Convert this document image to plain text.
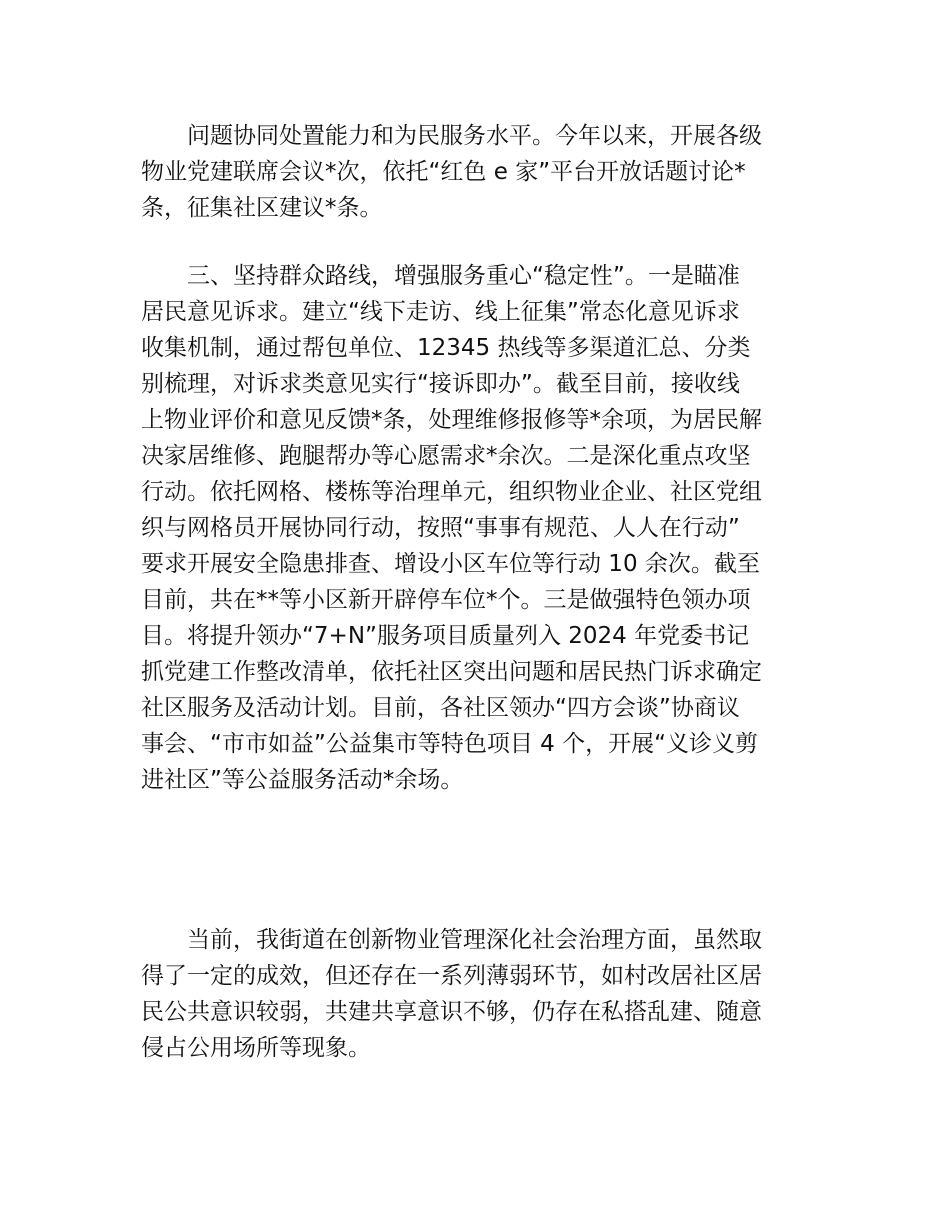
　　问题协同处置能力和为民服务水平。今年以来，开展各级
物业党建联席会议*次，依托“红色 e 家”平台开放话题讨论*
条，征集社区建议*条。
　　三、坚持群众路线，增强服务重心“稳定性”。一是瞄准
居民意见诉求。建立“线下走访、线上征集”常态化意见诉求
收集机制，通过帮包单位、12345 热线等多渠道汇总、分类
别梳理，对诉求类意见实行“接诉即办”。截至目前，接收线
上物业评价和意见反馈*条，处理维修报修等*余项，为居民解
决家居维修、跑腿帮办等心愿需求*余次。二是深化重点攻坚
行动。依托网格、楼栋等治理单元，组织物业企业、社区党组
织与网格员开展协同行动，按照“事事有规范、人人在行动”
要求开展安全隐患排查、增设小区车位等行动 10 余次。截至
目前，共在**等小区新开辟停车位*个。三是做强特色领办项
目。将提升领办“7+N”服务项目质量列入 2024 年党委书记
抓党建工作整改清单，依托社区突出问题和居民热门诉求确定
社区服务及活动计划。目前，各社区领办“四方会谈”协商议
事会、“市市如益”公益集市等特色项目 4 个，开展“义诊义剪
进社区”等公益服务活动*余场。
　　当前，我街道在创新物业管理深化社会治理方面，虽然取
得了一定的成效，但还存在一系列薄弱环节，如村改居社区居
民公共意识较弱，共建共享意识不够，仍存在私搭乱建、随意
侵占公用场所等现象。
